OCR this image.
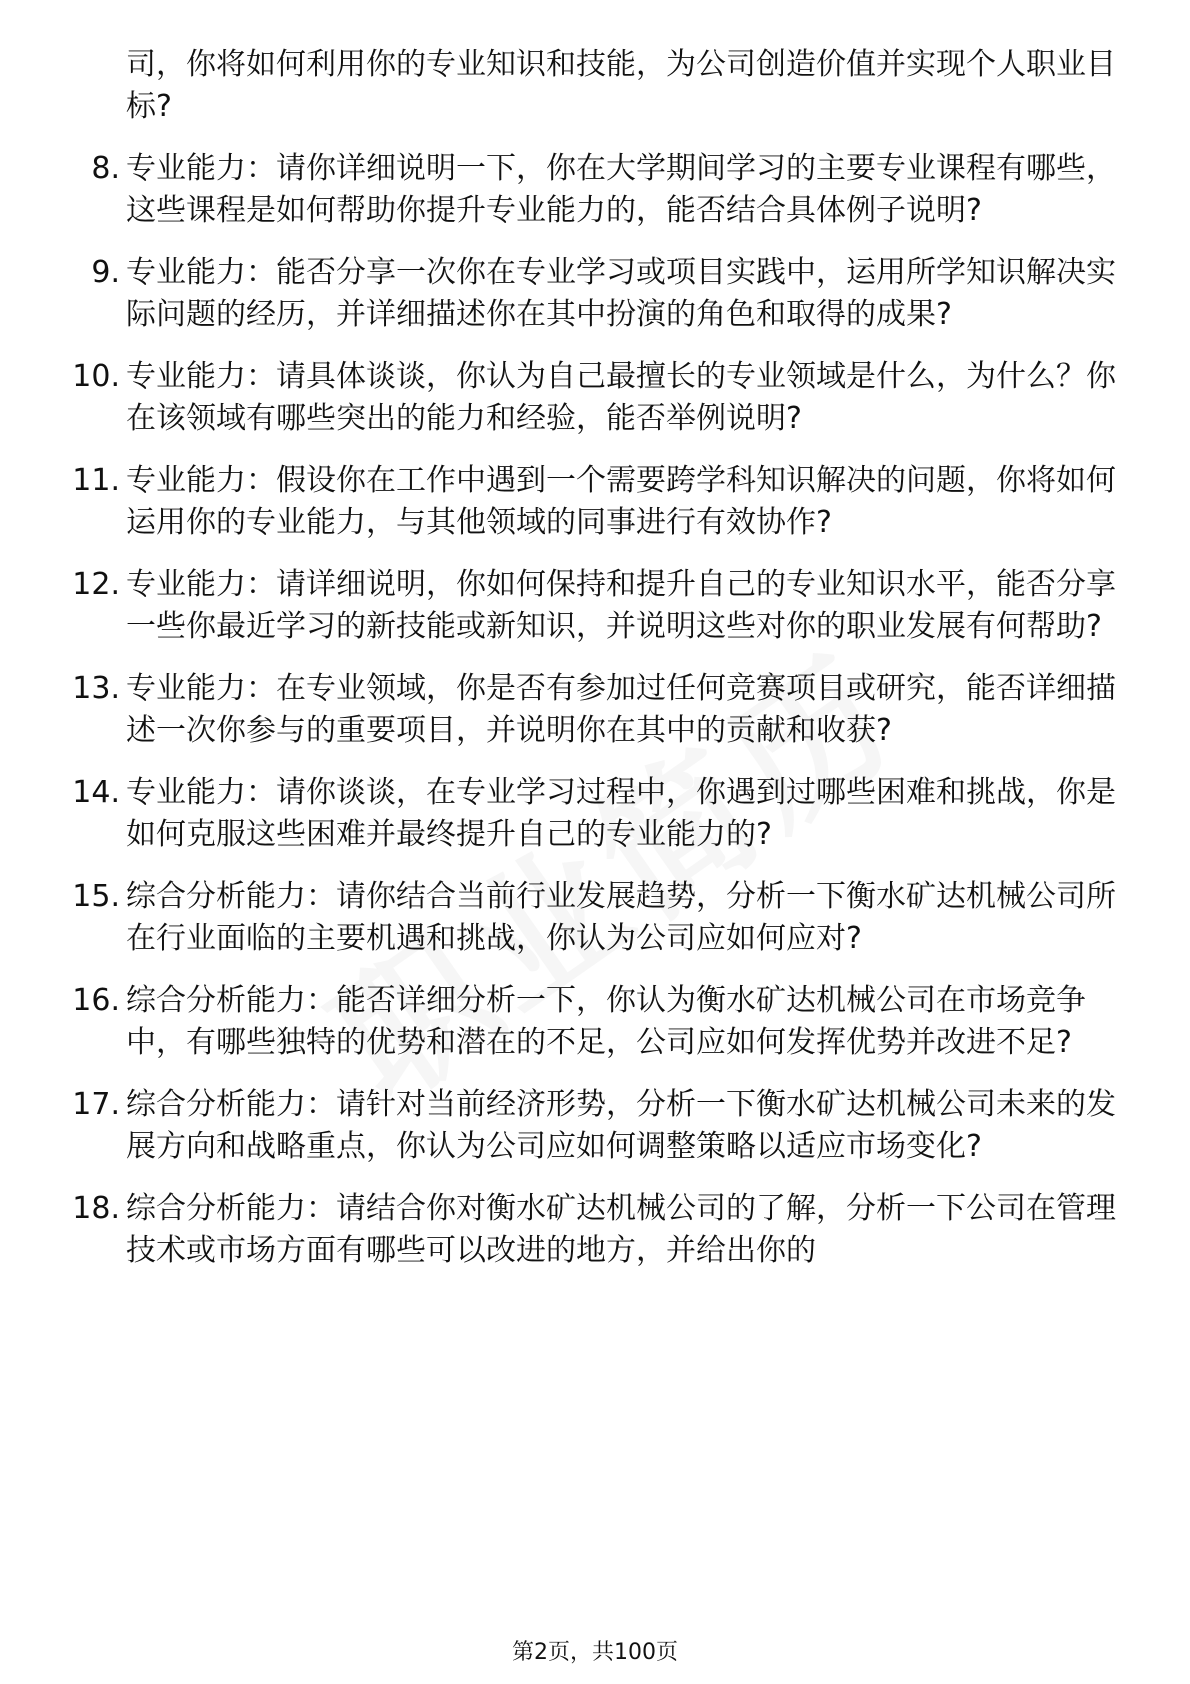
司，你将如何利用你的专业知识和技能，为公司创造价值并实现个人职业目标?
8. 专业能力：请你详细说明一下，你在大学期间学习的主要专业课程有哪些，这些课程是如何帮助你提升专业能力的，能否结合具体例子说明?
9. 专业能力：能否分享一次你在专业学习或项目实践中，运用所学知识解决实际问题的经历，并详细描述你在其中扮演的角色和取得的成果?
10. 专业能力：请具体谈谈，你认为自己最擅长的专业领域是什么，为什么？你在该领域有哪些突出的能力和经验，能否举例说明?
11. 专业能力：假设你在工作中遇到一个需要跨学科知识解决的问题，你将如何运用你的专业能力，与其他领域的同事进行有效协作?
12. 专业能力：请详细说明，你如何保持和提升自己的专业知识水平，能否分享一些你最近学习的新技能或新知识，并说明这些对你的职业发展有何帮助?
13. 专业能力：在专业领域，你是否有参加过任何竞赛项目或研究，能否详细描述一次你参与的重要项目，并说明你在其中的贡献和收获?
14. 专业能力：请你谈谈，在专业学习过程中，你遇到过哪些困难和挑战，你是如何克服这些困难并最终提升自己的专业能力的?
15. 综合分析能力：请你结合当前行业发展趋势，分析一下衡水矿达机械公司所在行业面临的主要机遇和挑战，你认为公司应如何应对?
16. 综合分析能力：能否详细分析一下，你认为衡水矿达机械公司在市场竞争中，有哪些独特的优势和潜在的不足，公司应如何发挥优势并改进不足?
17. 综合分析能力：请针对当前经济形势，分析一下衡水矿达机械公司未来的发展方向和战略重点，你认为公司应如何调整策略以适应市场变化?
18. 综合分析能力：请结合你对衡水矿达机械公司的了解，分析一下公司在管理技术或市场方面有哪些可以改进的地方，并给出你的
第2页，共100页
